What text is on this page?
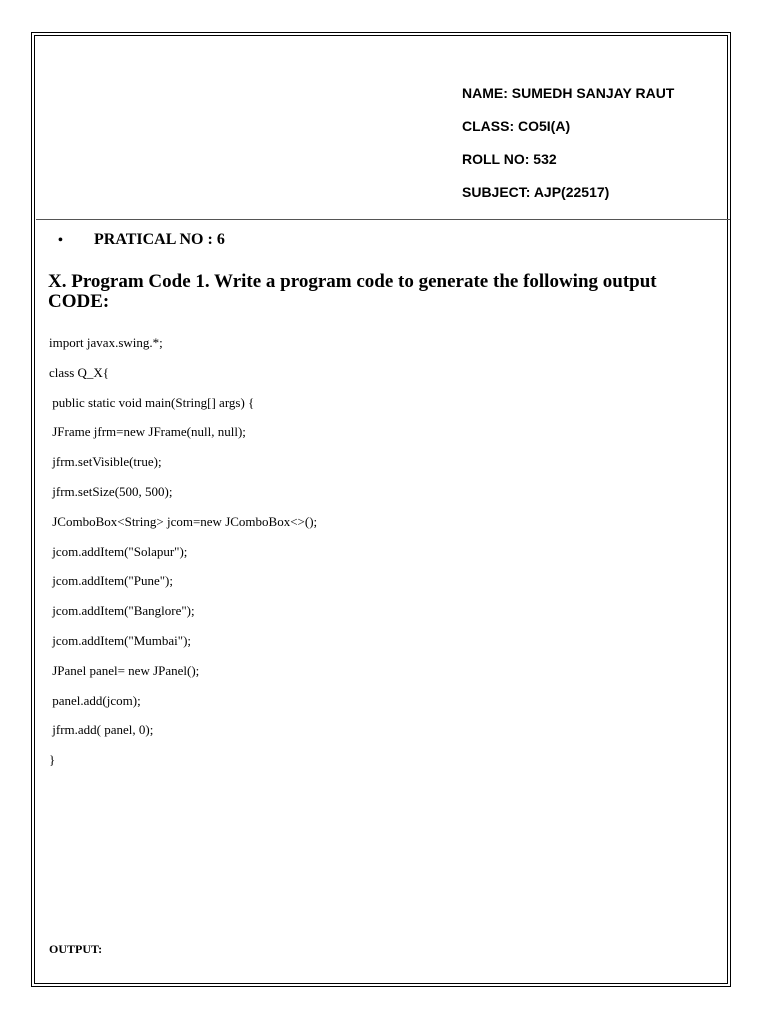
NAME: SUMEDH SANJAY RAUT
CLASS: CO5I(A)
ROLL NO: 532
SUBJECT: AJP(22517)
• PRATICAL NO : 6
X. Program Code 1. Write a program code to generate the following output
CODE:
import javax.swing.*;
class Q_X{
public static void main(String[] args) {
JFrame jfrm=new JFrame(null, null);
jfrm.setVisible(true);
jfrm.setSize(500, 500);
JComboBox<String> jcom=new JComboBox<>();
jcom.addItem("Solapur");
jcom.addItem("Pune");
jcom.addItem("Banglore");
jcom.addItem("Mumbai");
JPanel panel= new JPanel();
panel.add(jcom);
jfrm.add( panel, 0);
}
OUTPUT:
